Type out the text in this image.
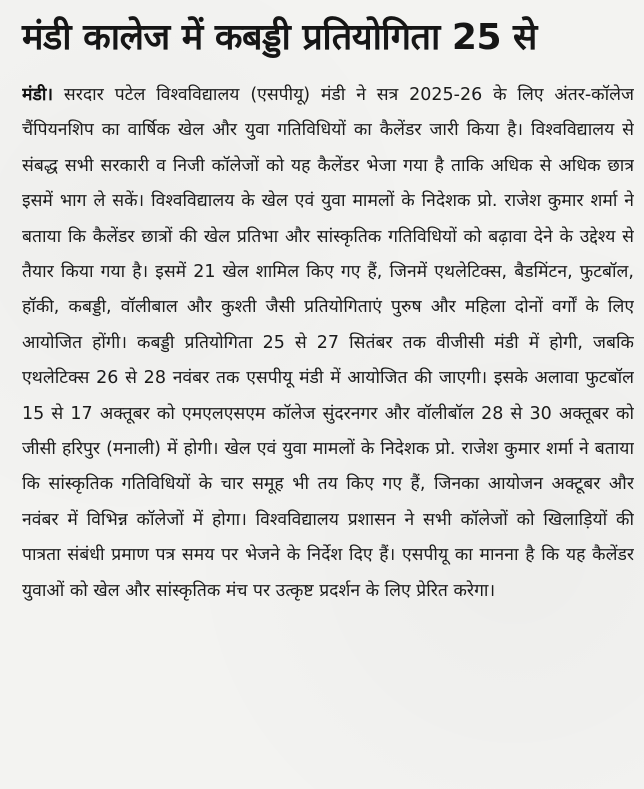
मंडी कालेज में कबड्डी प्रतियोगिता 25 से

मंडी। सरदार पटेल विश्वविद्यालय (एसपीयू) मंडी ने सत्र 2025-26 के लिए अंतर-कॉलेज चैंपियनशिप का वार्षिक खेल और युवा गतिविधियों का कैलेंडर जारी किया है। विश्वविद्यालय से संबद्ध सभी सरकारी व निजी कॉलेजों को यह कैलेंडर भेजा गया है ताकि अधिक से अधिक छात्र इसमें भाग ले सकें। विश्वविद्यालय के खेल एवं युवा मामलों के निदेशक प्रो. राजेश कुमार शर्मा ने बताया कि कैलेंडर छात्रों की खेल प्रतिभा और सांस्कृतिक गतिविधियों को बढ़ावा देने के उद्देश्य से तैयार किया गया है। इसमें 21 खेल शामिल किए गए हैं, जिनमें एथलेटिक्स, बैडमिंटन, फुटबॉल, हॉकी, कबड्डी, वॉलीबाल और कुश्ती जैसी प्रतियोगिताएं पुरुष और महिला दोनों वर्गों के लिए आयोजित होंगी। कबड्डी प्रतियोगिता 25 से 27 सितंबर तक वीजीसी मंडी में होगी, जबकि एथलेटिक्स 26 से 28 नवंबर तक एसपीयू मंडी में आयोजित की जाएगी। इसके अलावा फुटबॉल 15 से 17 अक्तूबर को एमएलएसएम कॉलेज सुंदरनगर और वॉलीबॉल 28 से 30 अक्तूबर को जीसी हरिपुर (मनाली) में होगी। खेल एवं युवा मामलों के निदेशक प्रो. राजेश कुमार शर्मा ने बताया कि सांस्कृतिक गतिविधियों के चार समूह भी तय किए गए हैं, जिनका आयोजन अक्टूबर और नवंबर में विभिन्न कॉलेजों में होगा। विश्वविद्यालय प्रशासन ने सभी कॉलेजों को खिलाड़ियों की पात्रता संबंधी प्रमाण पत्र समय पर भेजने के निर्देश दिए हैं। एसपीयू का मानना है कि यह कैलेंडर युवाओं को खेल और सांस्कृतिक मंच पर उत्कृष्ट प्रदर्शन के लिए प्रेरित करेगा।
